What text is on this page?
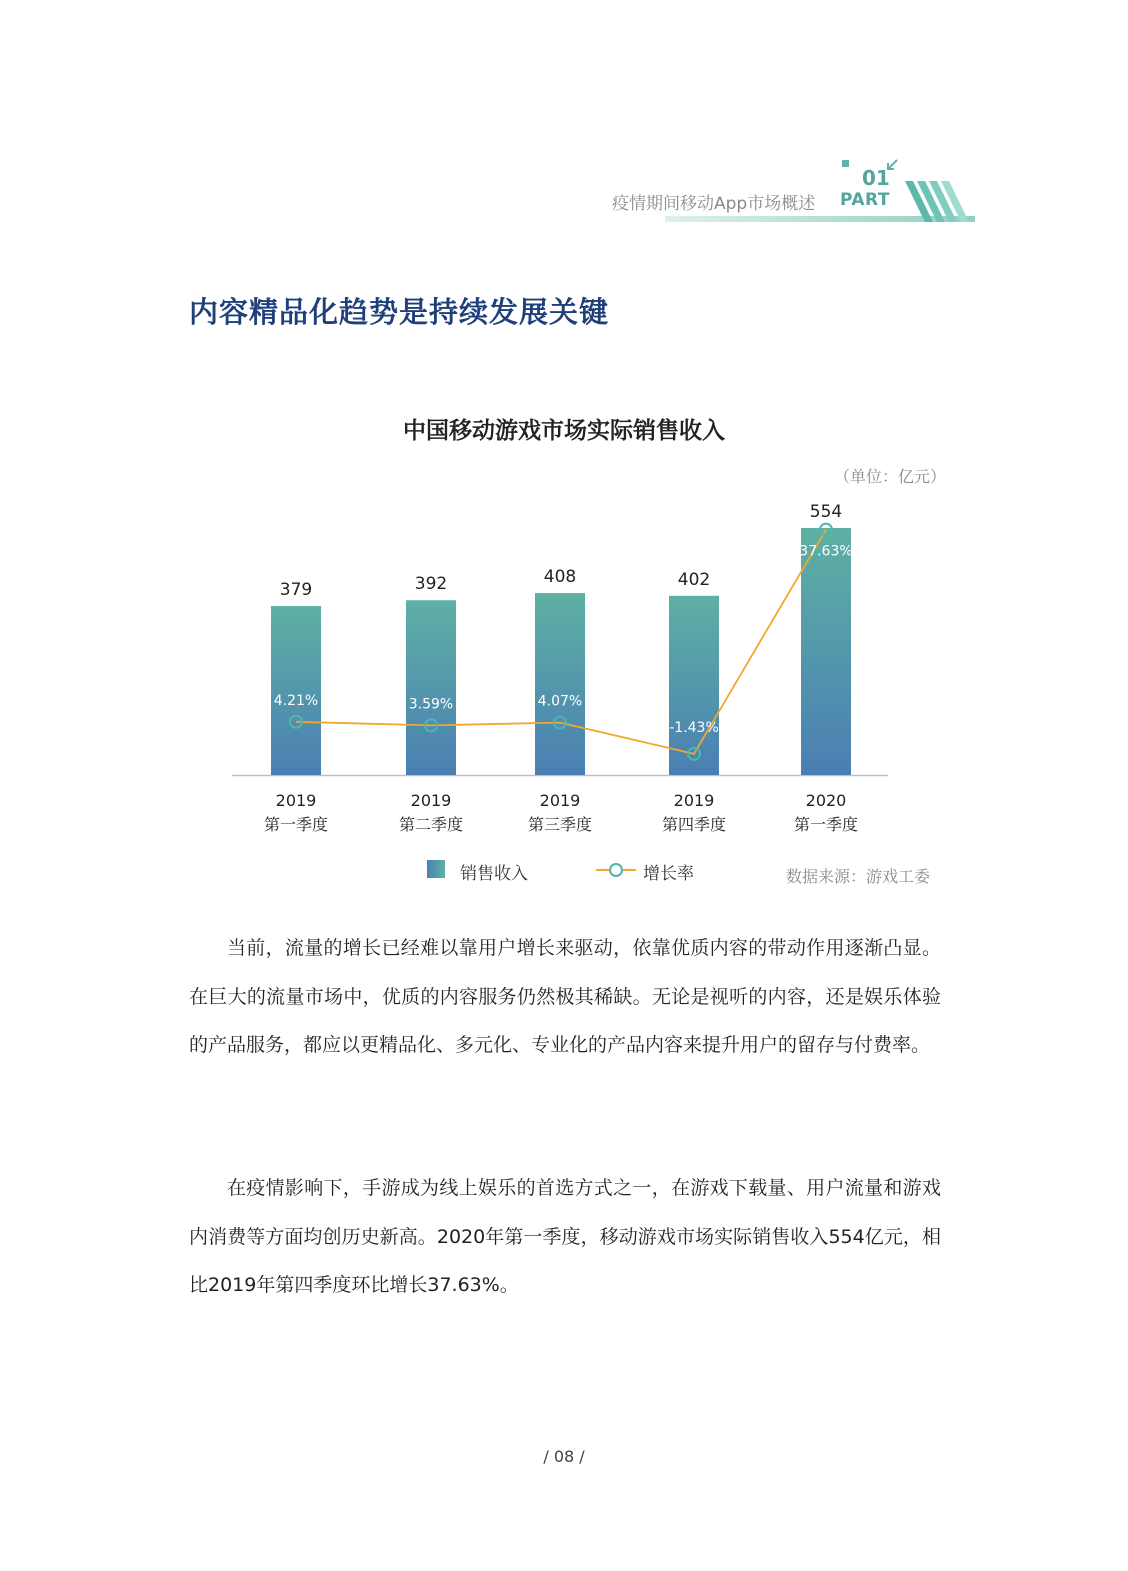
01
疫情期间移动App市场概述 PART
内容精品化趋势是持续发展关键
中国移动游戏市场实际销售收入
（单位：亿元）
379	392	408	402
554
4.21%	3.59%	4.07%
-1.43%
37.63%
2019
第一季度
2019
第二季度
2019
第三季度
2019
第四季度
2020
第一季度
销售收入	增长率	数据来源：游戏工委

当前，流量的增长已经难以靠用户增长来驱动，依靠优质内容的带动作用逐渐凸显。在巨大的流量市场中，优质的内容服务仍然极其稀缺。无论是视听的内容，还是娱乐体验的产品服务，都应以更精品化、多元化、专业化的产品内容来提升用户的留存与付费率。

在疫情影响下，手游成为线上娱乐的首选方式之一，在游戏下载量、用户流量和游戏内消费等方面均创历史新高。2020年第一季度，移动游戏市场实际销售收入554亿元，相比2019年第四季度环比增长37.63%。

/ 08 /
